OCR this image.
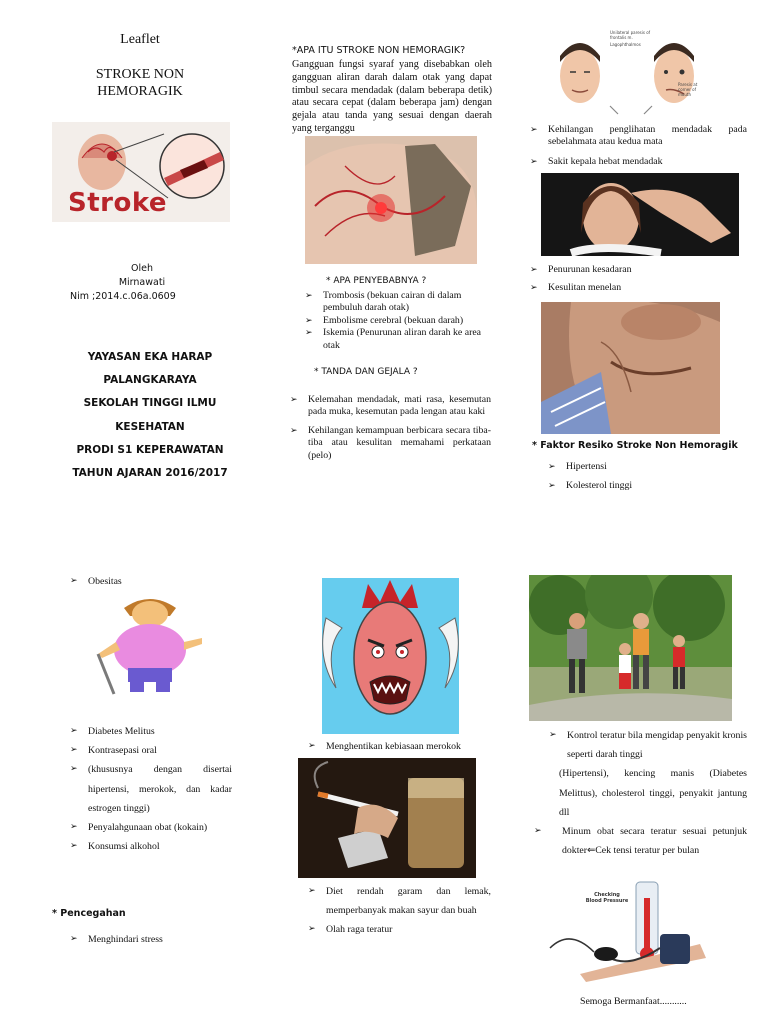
Leaflet
STROKE NON
HEMORAGIK
Stroke
Oleh
Mirnawati
Nim ;2014.c.06a.0609
YAYASAN EKA HARAP
PALANGKARAYA
SEKOLAH TINGGI ILMU
KESEHATAN
PRODI S1 KEPERAWATAN
TAHUN AJARAN 2016/2017
*APA ITU STROKE NON HEMORAGIK?
Gangguan fungsi syaraf yang disebabkan oleh gangguan aliran darah dalam otak yang dapat timbul secara mendadak (dalam beberapa detik) atau secara cepat (dalam beberapa jam) dengan gejala atau tanda yang sesuai dengan daerah yang terganggu
* APA PENYEBABNYA ?
➢ Trombosis (bekuan cairan di dalam pembuluh darah otak)
➢ Embolisme cerebral (bekuan darah)
➢ Iskemia (Penurunan aliran darah ke area otak
* TANDA DAN GEJALA ?
➢ Kelemahan mendadak, mati rasa, kesemutan pada muka, kesemutan pada lengan atau kaki
➢ Kehilangan kemampuan berbicara secara tiba-tiba atau kesulitan memahami perkataan (pelo)
Unilateral paresis of frontalis m.
Lagophthalmos
Paresis at corner of mouth
➢ Kehilangan penglihatan mendadak pada sebelahmata atau kedua mata
➢ Sakit kepala hebat mendadak
➢ Penurunan kesadaran
➢ Kesulitan menelan
* Faktor Resiko Stroke Non Hemoragik
➢ Hipertensi
➢ Kolesterol tinggi
➢ Obesitas
➢ Diabetes Melitus
➢ Kontrasepasi oral
➢ (khususnya dengan disertai hipertensi, merokok, dan kadar estrogen tinggi)
➢ Penyalahgunaan obat (kokain)
➢ Konsumsi alkohol
* Pencegahan
➢ Menghindari stress
➢ Menghentikan kebiasaan merokok
➢ Diet rendah garam dan lemak, memperbanyak makan sayur dan buah
➢ Olah raga teratur
➢ Kontrol teratur bila mengidap penyakit kronis seperti darah tinggi
(Hipertensi), kencing manis (Diabetes Melittus), cholesterol tinggi, penyakit jantung dll
➢ Minum obat secara teratur sesuai petunjuk dokter⇐Cek tensi teratur per bulan
Checking
Blood Pressure
Semoga Bermanfaat...........
